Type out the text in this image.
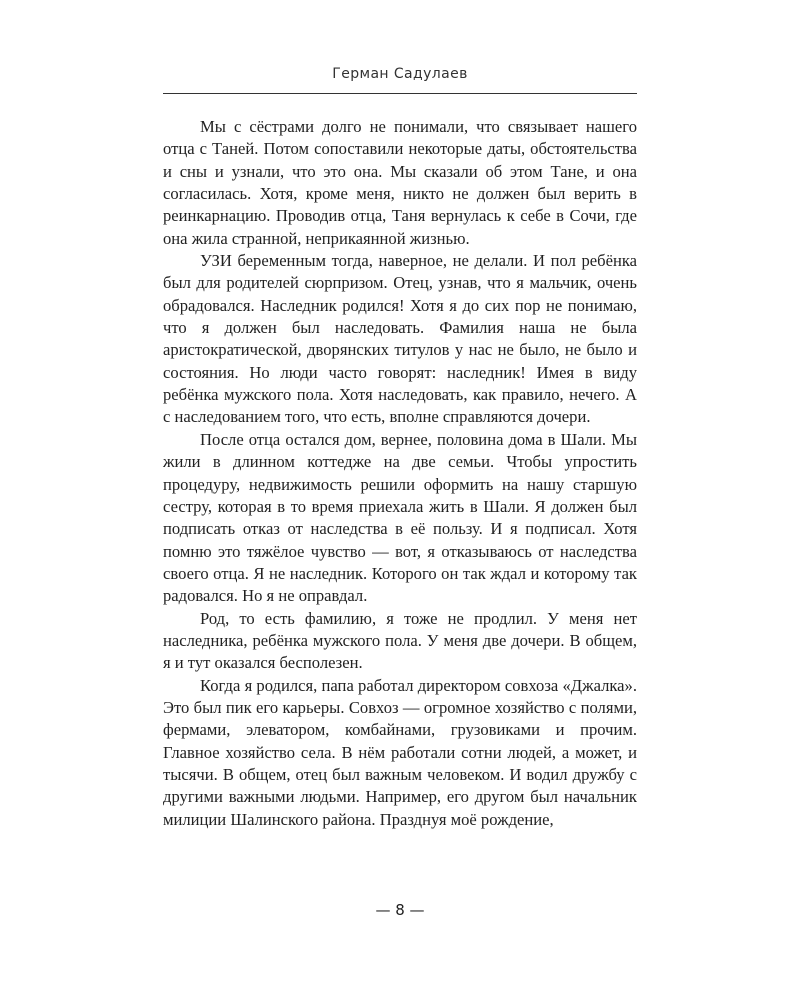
Герман Садулаев

Мы с сёстрами долго не понимали, что связывает нашего отца с Таней. Потом сопоставили некоторые даты, обстоятельства и сны и узнали, что это она. Мы сказали об этом Тане, и она согласилась. Хотя, кроме меня, никто не должен был верить в реинкарнацию. Проводив отца, Таня вернулась к себе в Сочи, где она жила странной, неприкаянной жизнью.

УЗИ беременным тогда, наверное, не делали. И пол ребёнка был для родителей сюрпризом. Отец, узнав, что я мальчик, очень обрадовался. Наследник родился! Хотя я до сих пор не понимаю, что я должен был наследовать. Фамилия наша не была аристократической, дворянских титулов у нас не было, не было и состояния. Но люди часто говорят: наследник! Имея в виду ребёнка мужского пола. Хотя наследовать, как правило, нечего. А с наследованием того, что есть, вполне справляются дочери.

После отца остался дом, вернее, половина дома в Шали. Мы жили в длинном коттедже на две семьи. Чтобы упростить процедуру, недвижимость решили оформить на нашу старшую сестру, которая в то время приехала жить в Шали. Я должен был подписать отказ от наследства в её пользу. И я подписал. Хотя помню это тяжёлое чувство — вот, я отказываюсь от наследства своего отца. Я не наследник. Которого он так ждал и которому так радовался. Но я не оправдал.

Род, то есть фамилию, я тоже не продлил. У меня нет наследника, ребёнка мужского пола. У меня две дочери. В общем, я и тут оказался бесполезен.

Когда я родился, папа работал директором совхоза «Джалка». Это был пик его карьеры. Совхоз — огромное хозяйство с полями, фермами, элеватором, комбайнами, грузовиками и прочим. Главное хозяйство села. В нём работали сотни людей, а может, и тысячи. В общем, отец был важным человеком. И водил дружбу с другими важными людьми. Например, его другом был начальник милиции Шалинского района. Празднуя моё рождение,

— 8 —
